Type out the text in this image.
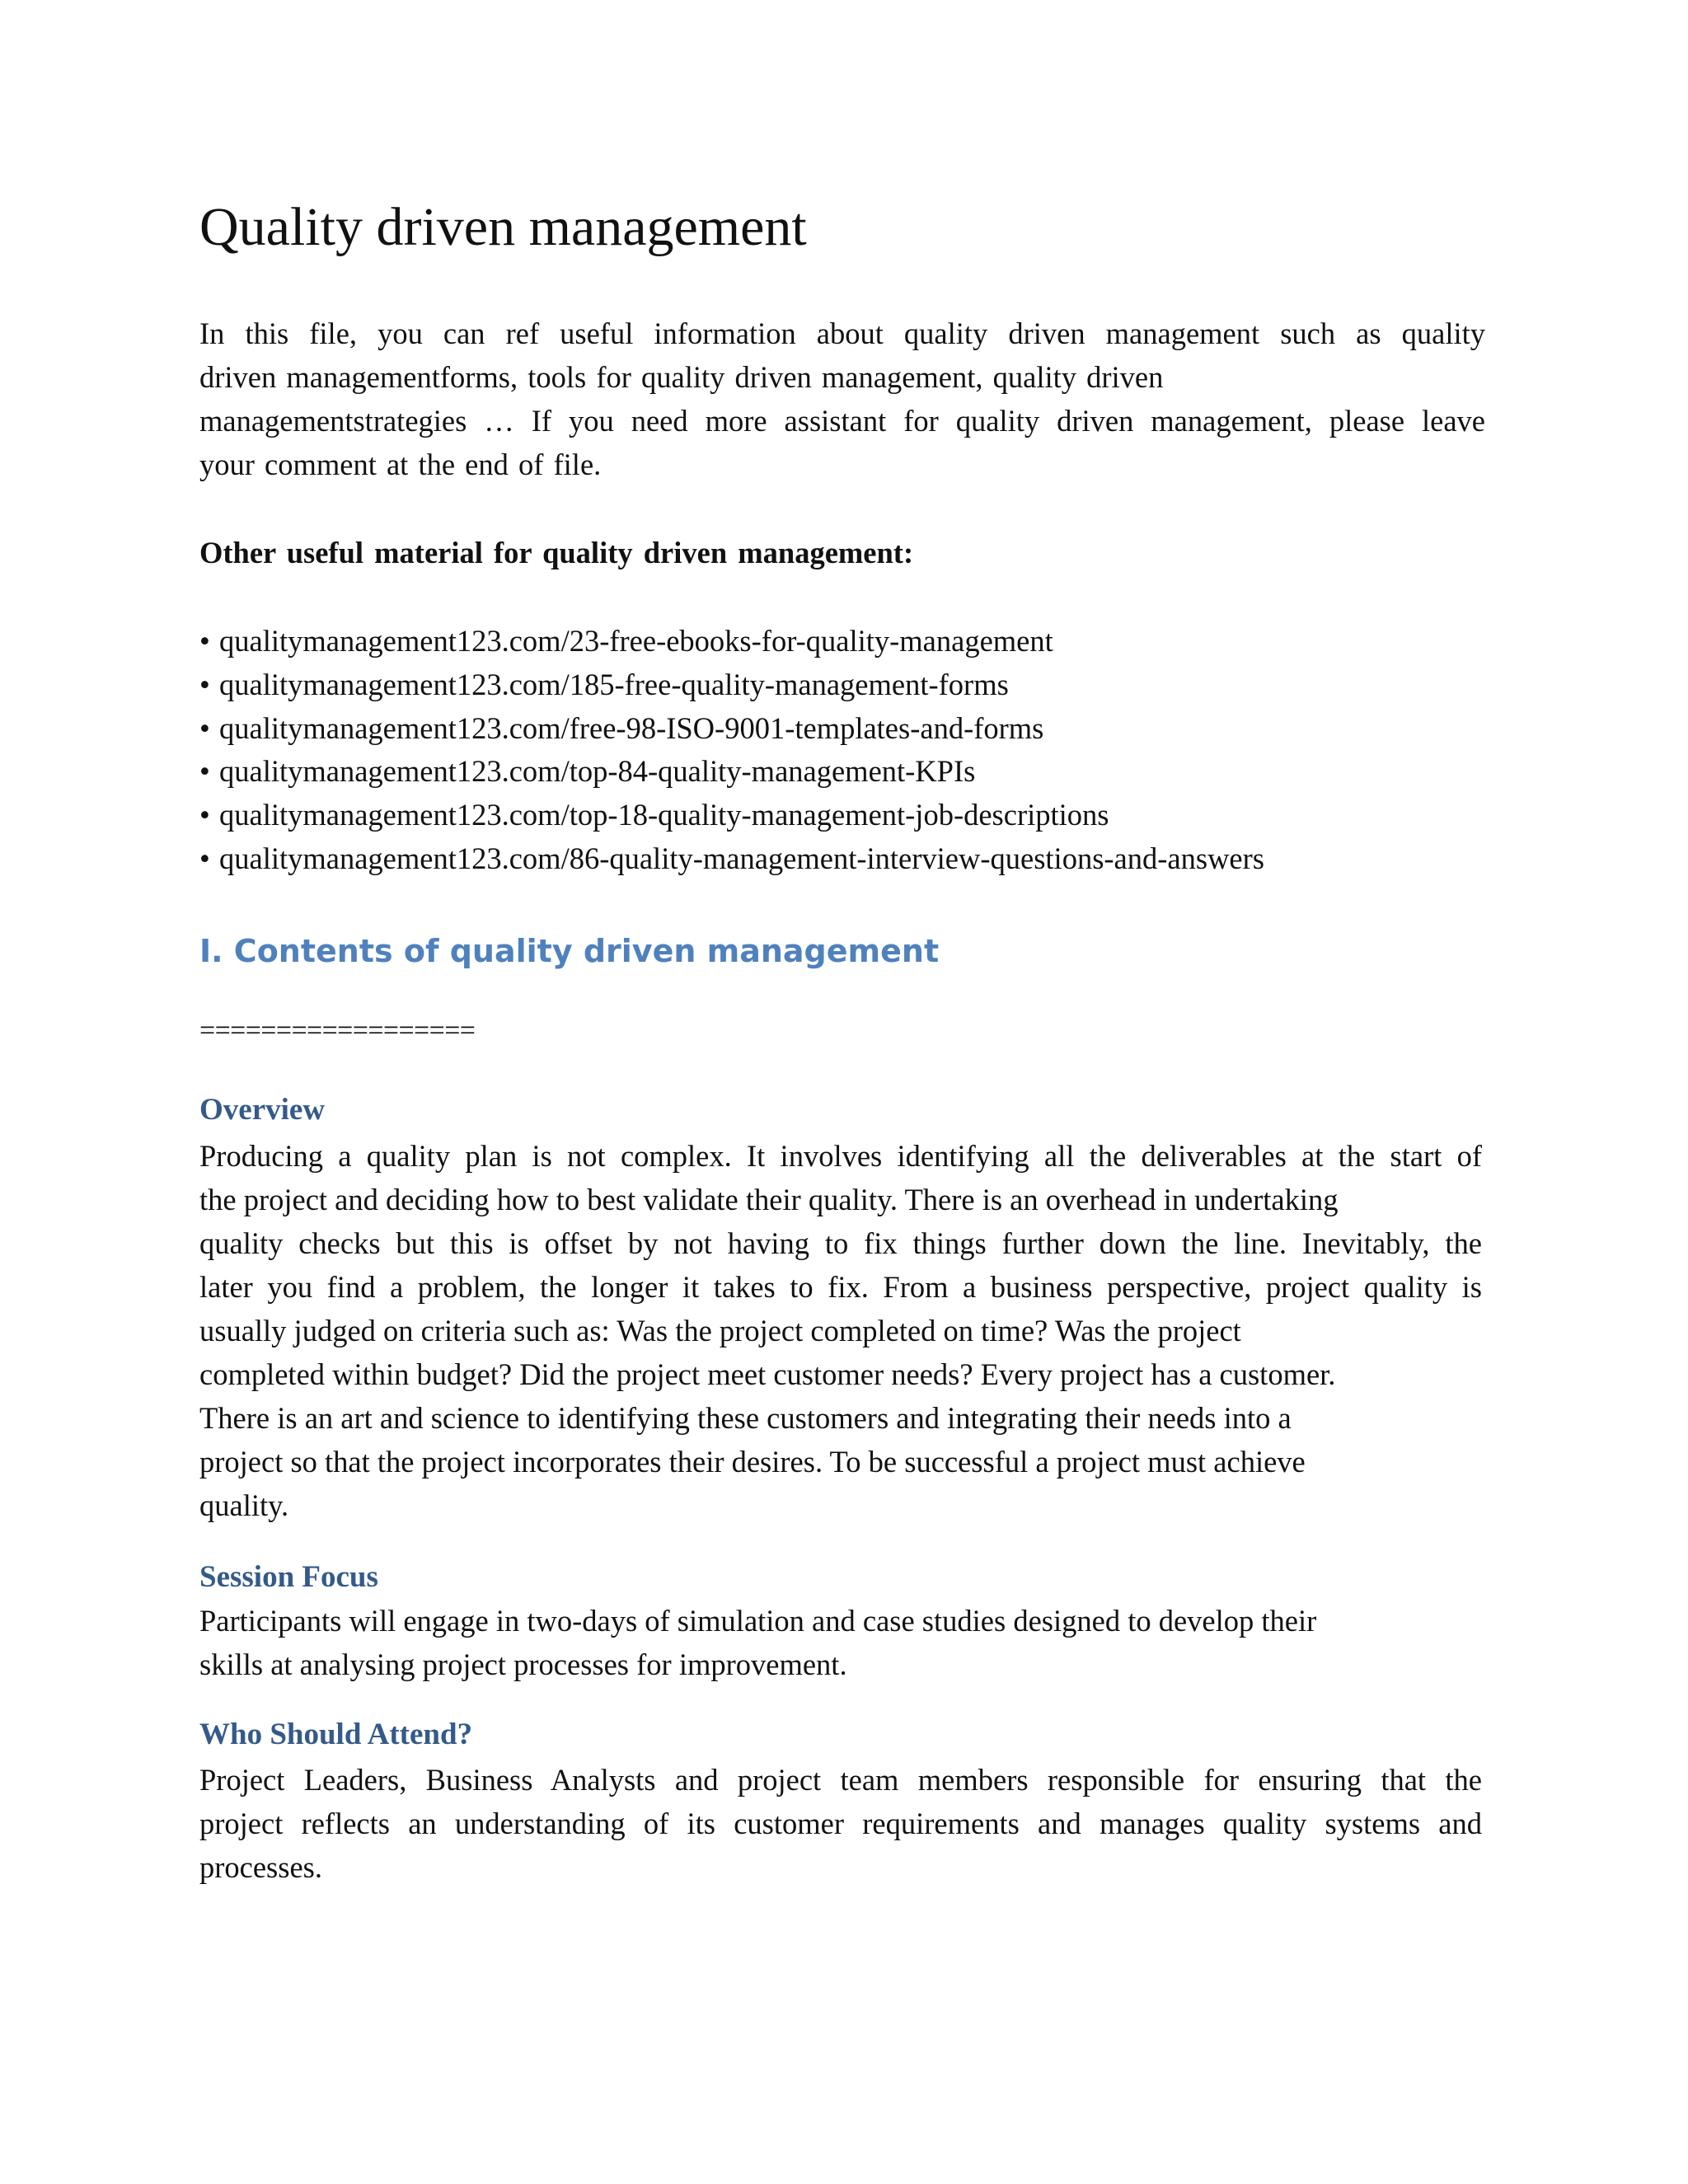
Quality driven management
In this file, you can ref useful information about quality driven management such as quality
driven managementforms, tools for quality driven management, quality driven
managementstrategies … If you need more assistant for quality driven management, please leave
your comment at the end of file.

Other useful material for quality driven management:

• qualitymanagement123.com/23-free-ebooks-for-quality-management
• qualitymanagement123.com/185-free-quality-management-forms
• qualitymanagement123.com/free-98-ISO-9001-templates-and-forms
• qualitymanagement123.com/top-84-quality-management-KPIs
• qualitymanagement123.com/top-18-quality-management-job-descriptions
• qualitymanagement123.com/86-quality-management-interview-questions-and-answers
I. Contents of quality driven management

==================

Overview
Producing a quality plan is not complex. It involves identifying all the deliverables at the start of
the project and deciding how to best validate their quality. There is an overhead in undertaking
quality checks but this is offset by not having to fix things further down the line. Inevitably, the
later you find a problem, the longer it takes to fix. From a business perspective, project quality is
usually judged on criteria such as: Was the project completed on time? Was the project
completed within budget? Did the project meet customer needs? Every project has a customer.
There is an art and science to identifying these customers and integrating their needs into a
project so that the project incorporates their desires. To be successful a project must achieve
quality.
Session Focus
Participants will engage in two-days of simulation and case studies designed to develop their
skills at analysing project processes for improvement.
Who Should Attend?
Project Leaders, Business Analysts and project team members responsible for ensuring that the
project reflects an understanding of its customer requirements and manages quality systems and
processes.
